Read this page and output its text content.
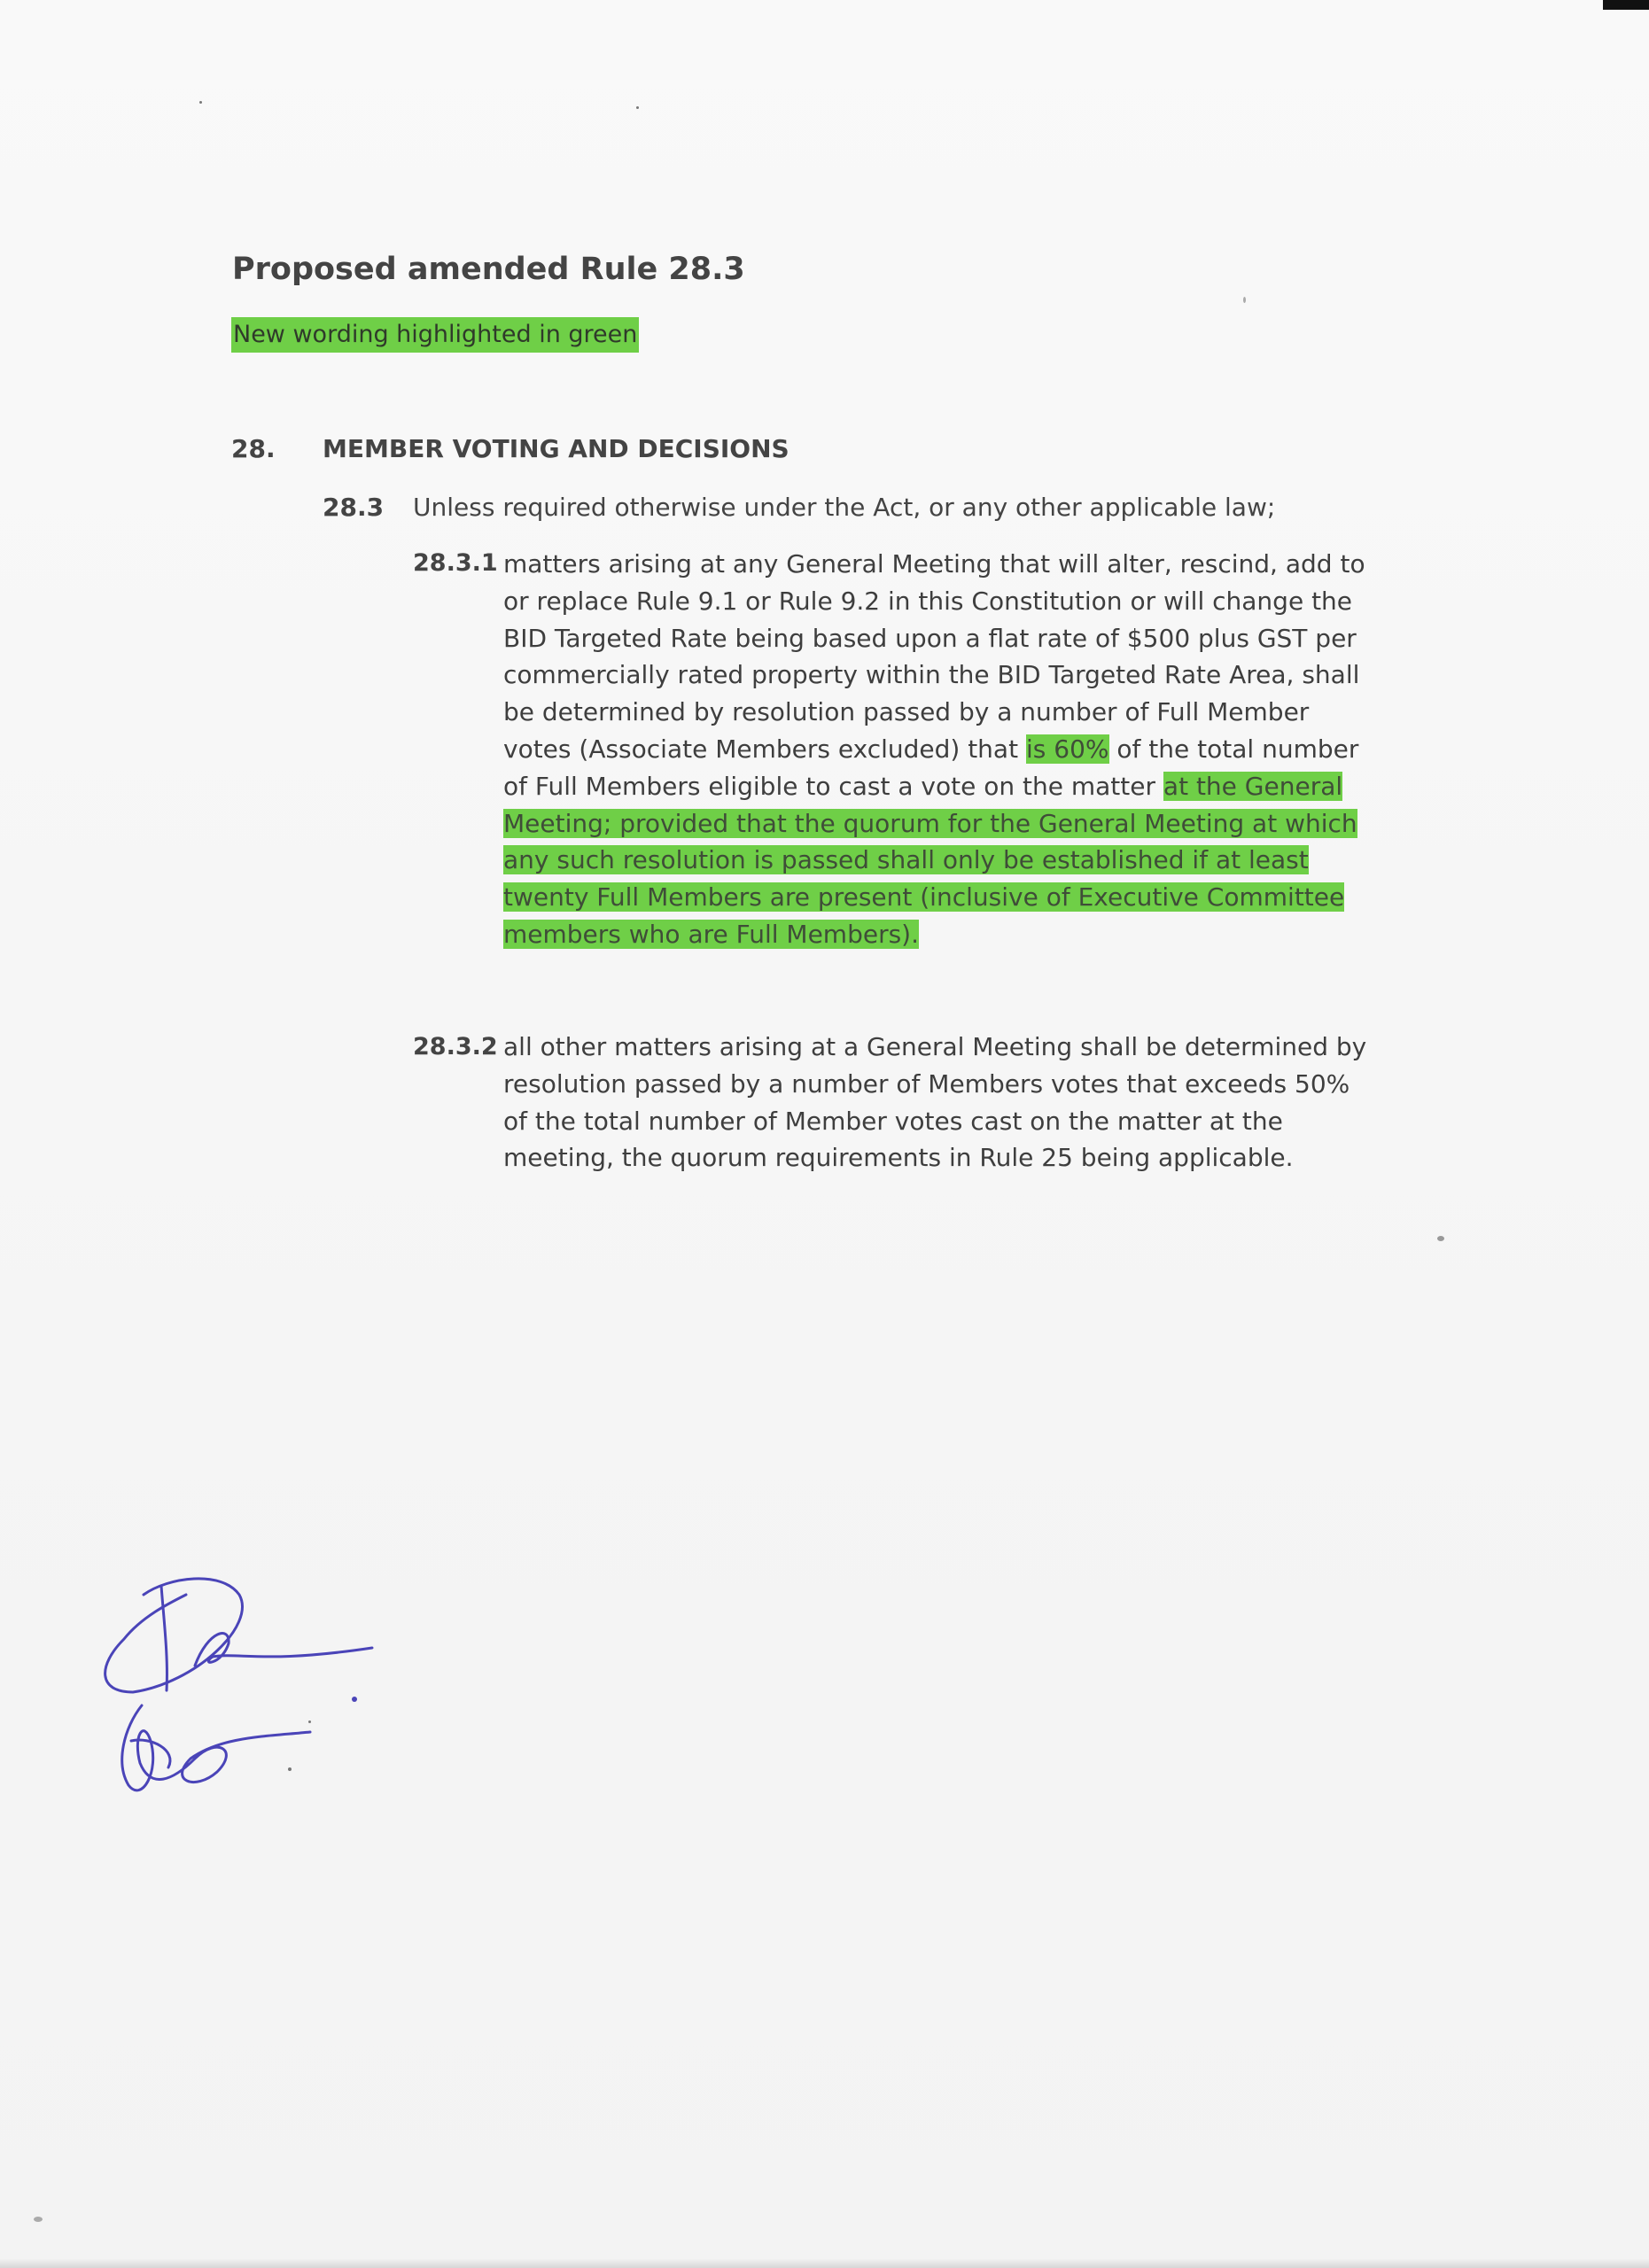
Proposed amended Rule 28.3
New wording highlighted in green
28. MEMBER VOTING AND DECISIONS
28.3 Unless required otherwise under the Act, or any other applicable law;
28.3.1 matters arising at any General Meeting that will alter, rescind, add to or replace Rule 9.1 or Rule 9.2 in this Constitution or will change the BID Targeted Rate being based upon a flat rate of $500 plus GST per commercially rated property within the BID Targeted Rate Area, shall be determined by resolution passed by a number of Full Member votes (Associate Members excluded) that is 60% of the total number of Full Members eligible to cast a vote on the matter at the General Meeting; provided that the quorum for the General Meeting at which any such resolution is passed shall only be established if at least twenty Full Members are present (inclusive of Executive Committee members who are Full Members).
28.3.2 all other matters arising at a General Meeting shall be determined by resolution passed by a number of Members votes that exceeds 50% of the total number of Member votes cast on the matter at the meeting, the quorum requirements in Rule 25 being applicable.
